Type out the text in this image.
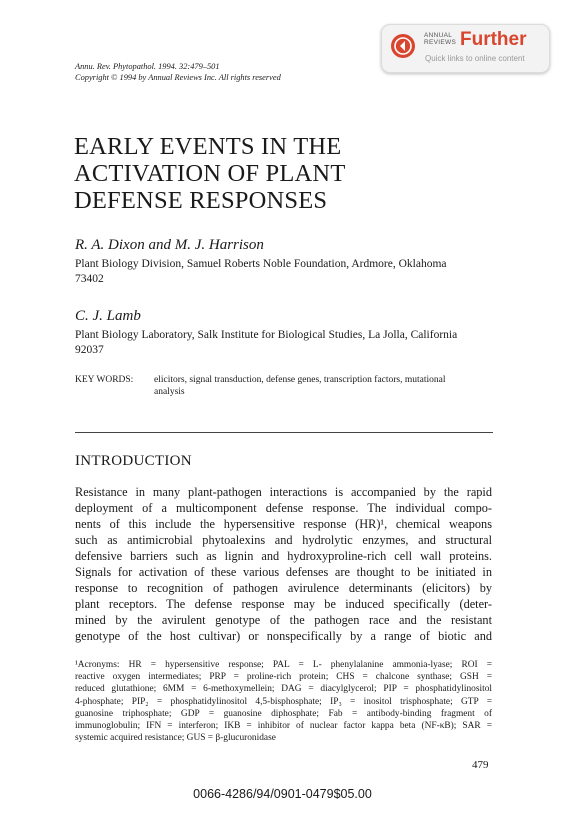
Annu. Rev. Phytopathol. 1994. 32:479–501
Copyright © 1994 by Annual Reviews Inc. All rights reserved
ANNUAL
REVIEWS Further
Quick links to online content
EARLY EVENTS IN THE
ACTIVATION OF PLANT
DEFENSE RESPONSES
R. A. Dixon and M. J. Harrison
Plant Biology Division, Samuel Roberts Noble Foundation, Ardmore, Oklahoma
73402
C. J. Lamb
Plant Biology Laboratory, Salk Institute for Biological Studies, La Jolla, California
92037
KEY WORDS: elicitors, signal transduction, defense genes, transcription factors, mutational
analysis
INTRODUCTION
Resistance in many plant-pathogen interactions is accompanied by the rapid
deployment of a multicomponent defense response. The individual compo-
nents of this include the hypersensitive response (HR)¹, chemical weapons
such as antimicrobial phytoalexins and hydrolytic enzymes, and structural
defensive barriers such as lignin and hydroxyproline-rich cell wall proteins.
Signals for activation of these various defenses are thought to be initiated in
response to recognition of pathogen avirulence determinants (elicitors) by
plant receptors. The defense response may be induced specifically (deter-
mined by the avirulent genotype of the pathogen race and the resistant
genotype of the host cultivar) or nonspecifically by a range of biotic and
¹Acronyms: HR = hypersensitive response; PAL = L- phenylalanine ammonia-lyase; ROI =
reactive oxygen intermediates; PRP = proline-rich protein; CHS = chalcone synthase; GSH =
reduced glutathione; 6MM = 6-methoxymellein; DAG = diacylglycerol; PIP = phosphatidylinositol
4-phosphate; PIP₂ = phosphatidylinositol 4,5-bisphosphate; IP₃ = inositol trisphosphate; GTP =
guanosine triphosphate; GDP = guanosine diphosphate; Fab = antibody-binding fragment of
immunoglobulin; IFN = interferon; IKB = inhibitor of nuclear factor kappa beta (NF-κB); SAR =
systemic acquired resistance; GUS = β-glucuronidase
479
0066-4286/94/0901-0479$05.00
